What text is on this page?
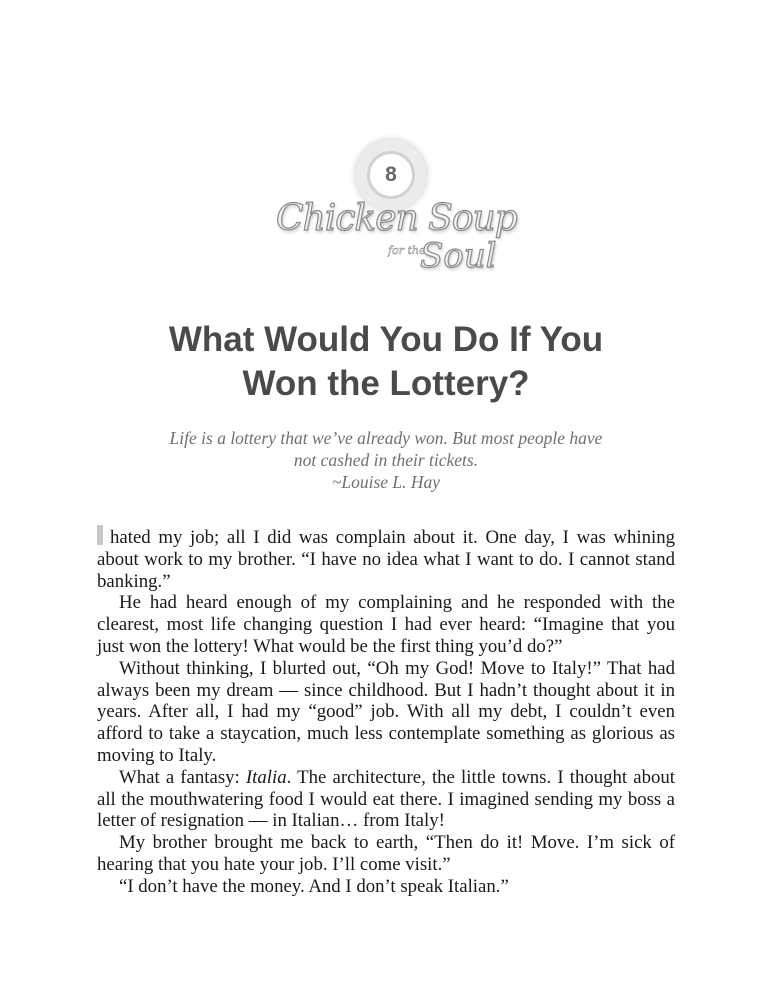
8
Chicken Soup
for the
Soul
What Would You Do If You
Won the Lottery?
Life is a lottery that we’ve already won. But most people have
not cashed in their tickets.
~Louise L. Hay

hated my job; all I did was complain about it. One day, I was whining about work to my brother. “I have no idea what I want to do. I cannot stand banking.”

He had heard enough of my complaining and he responded with the clearest, most life changing question I had ever heard: “Imagine that you just won the lottery! What would be the first thing you’d do?”

Without thinking, I blurted out, “Oh my God! Move to Italy!” That had always been my dream — since childhood. But I hadn’t thought about it in years. After all, I had my “good” job. With all my debt, I couldn’t even afford to take a staycation, much less contemplate something as glorious as moving to Italy.

What a fantasy: Italia. The architecture, the little towns. I thought about all the mouthwatering food I would eat there. I imagined sending my boss a letter of resignation — in Italian… from Italy!

My brother brought me back to earth, “Then do it! Move. I’m sick of hearing that you hate your job. I’ll come visit.”

“I don’t have the money. And I don’t speak Italian.”
